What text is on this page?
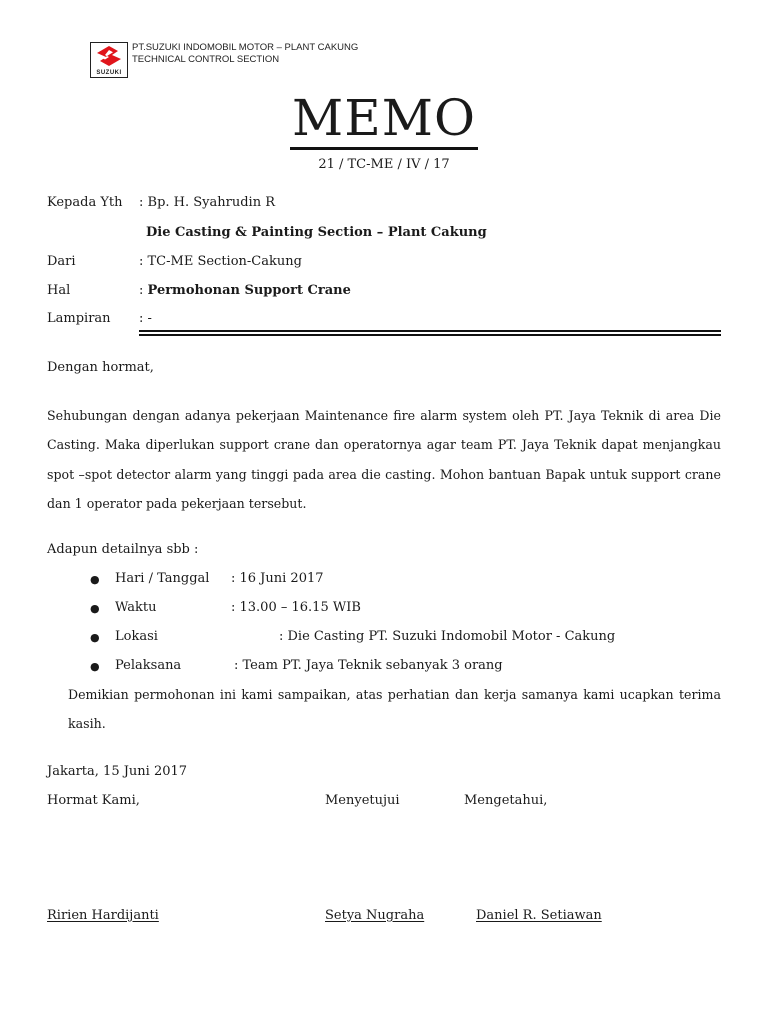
SUZUKI
PT.SUZUKI INDOMOBIL MOTOR – PLANT CAKUNG
TECHNICAL CONTROL SECTION
MEMO
21 / TC-ME / IV / 17
Kepada Yth : Bp. H. Syahrudin R
Die Casting & Painting Section – Plant Cakung
Dari	: TC-ME Section-Cakung
Hal	: Permohonan Support Crane
Lampiran : -
Dengan hormat,
Sehubungan dengan adanya pekerjaan Maintenance fire alarm system oleh PT. Jaya Teknik di area Die Casting. Maka diperlukan support crane dan operatornya agar team PT. Jaya Teknik dapat menjangkau spot –spot detector alarm yang tinggi pada area die casting. Mohon bantuan Bapak untuk support crane dan 1 operator pada pekerjaan tersebut.
Adapun detailnya sbb :
● Hari / Tanggal : 16 Juni 2017
● Waktu	: 13.00 – 16.15 WIB
● Lokasi	: Die Casting PT. Suzuki Indomobil Motor - Cakung
● Pelaksana	: Team PT. Jaya Teknik sebanyak 3 orang
Demikian permohonan ini kami sampaikan, atas perhatian dan kerja samanya kami ucapkan terima kasih.
Jakarta, 15 Juni 2017
Hormat Kami,	Menyetujui	Mengetahui,
Ririen Hardijanti	Setya Nugraha	Daniel R. Setiawan
